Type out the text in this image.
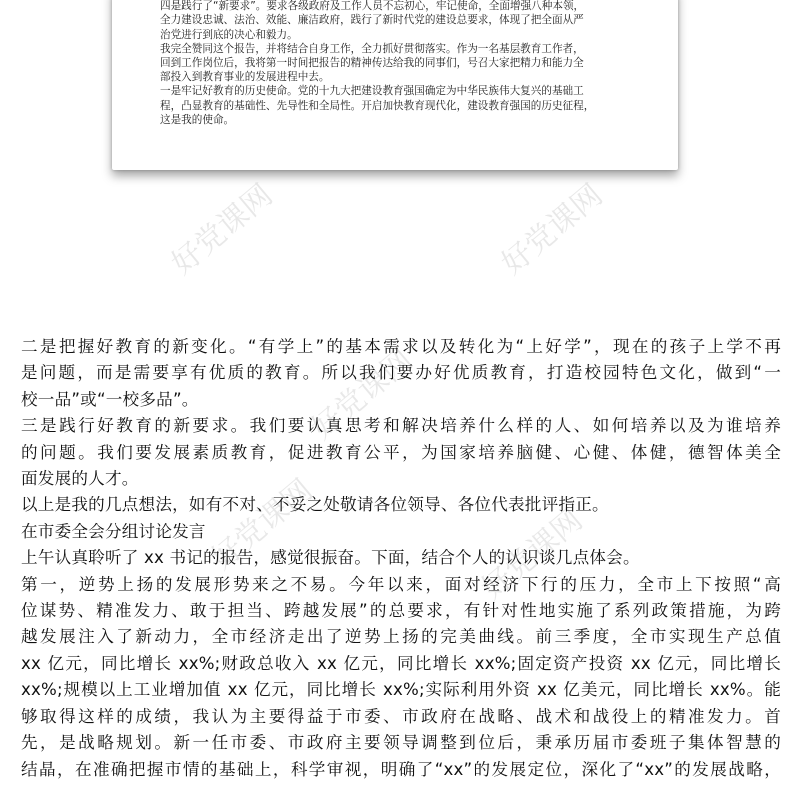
四是践行了“新要求”。要求各级政府及工作人员不忘初心，牢记使命，全面增强八种本领，
全力建设忠诚、法治、效能、廉洁政府，践行了新时代党的建设总要求，体现了把全面从严
治党进行到底的决心和毅力。
我完全赞同这个报告，并将结合自身工作，全力抓好贯彻落实。作为一名基层教育工作者，
回到工作岗位后，我将第一时间把报告的精神传达给我的同事们，号召大家把精力和能力全
部投入到教育事业的发展进程中去。
一是牢记好教育的历史使命。党的十九大把建设教育强国确定为中华民族伟大复兴的基础工
程，凸显教育的基础性、先导性和全局性。开启加快教育现代化，建设教育强国的历史征程，
这是我的使命。
好党课网	好党课网
好党课网
好党课网	好党课网
二是把握好教育的新变化。“有学上”的基本需求以及转化为“上好学”，现在的孩子上学不再
是问题，而是需要享有优质的教育。所以我们要办好优质教育，打造校园特色文化，做到“一
校一品”或“一校多品”。
三是践行好教育的新要求。我们要认真思考和解决培养什么样的人、如何培养以及为谁培养
的问题。我们要发展素质教育，促进教育公平，为国家培养脑健、心健、体健，德智体美全
面发展的人才。
以上是我的几点想法，如有不对、不妥之处敬请各位领导、各位代表批评指正。
在市委全会分组讨论发言
上午认真聆听了 xx 书记的报告，感觉很振奋。下面，结合个人的认识谈几点体会。
第一，逆势上扬的发展形势来之不易。今年以来，面对经济下行的压力，全市上下按照“高
位谋势、精准发力、敢于担当、跨越发展”的总要求，有针对性地实施了系列政策措施，为跨
越发展注入了新动力，全市经济走出了逆势上扬的完美曲线。前三季度，全市实现生产总值
xx 亿元，同比增长 xx%;财政总收入 xx 亿元，同比增长 xx%;固定资产投资 xx 亿元，同比增长
xx%;规模以上工业增加值 xx 亿元，同比增长 xx%;实际利用外资 xx 亿美元，同比增长 xx%。能
够取得这样的成绩，我认为主要得益于市委、市政府在战略、战术和战役上的精准发力。首
先，是战略规划。新一任市委、市政府主要领导调整到位后，秉承历届市委班子集体智慧的
结晶，在准确把握市情的基础上，科学审视，明确了“xx”的发展定位，深化了“xx”的发展战略，
